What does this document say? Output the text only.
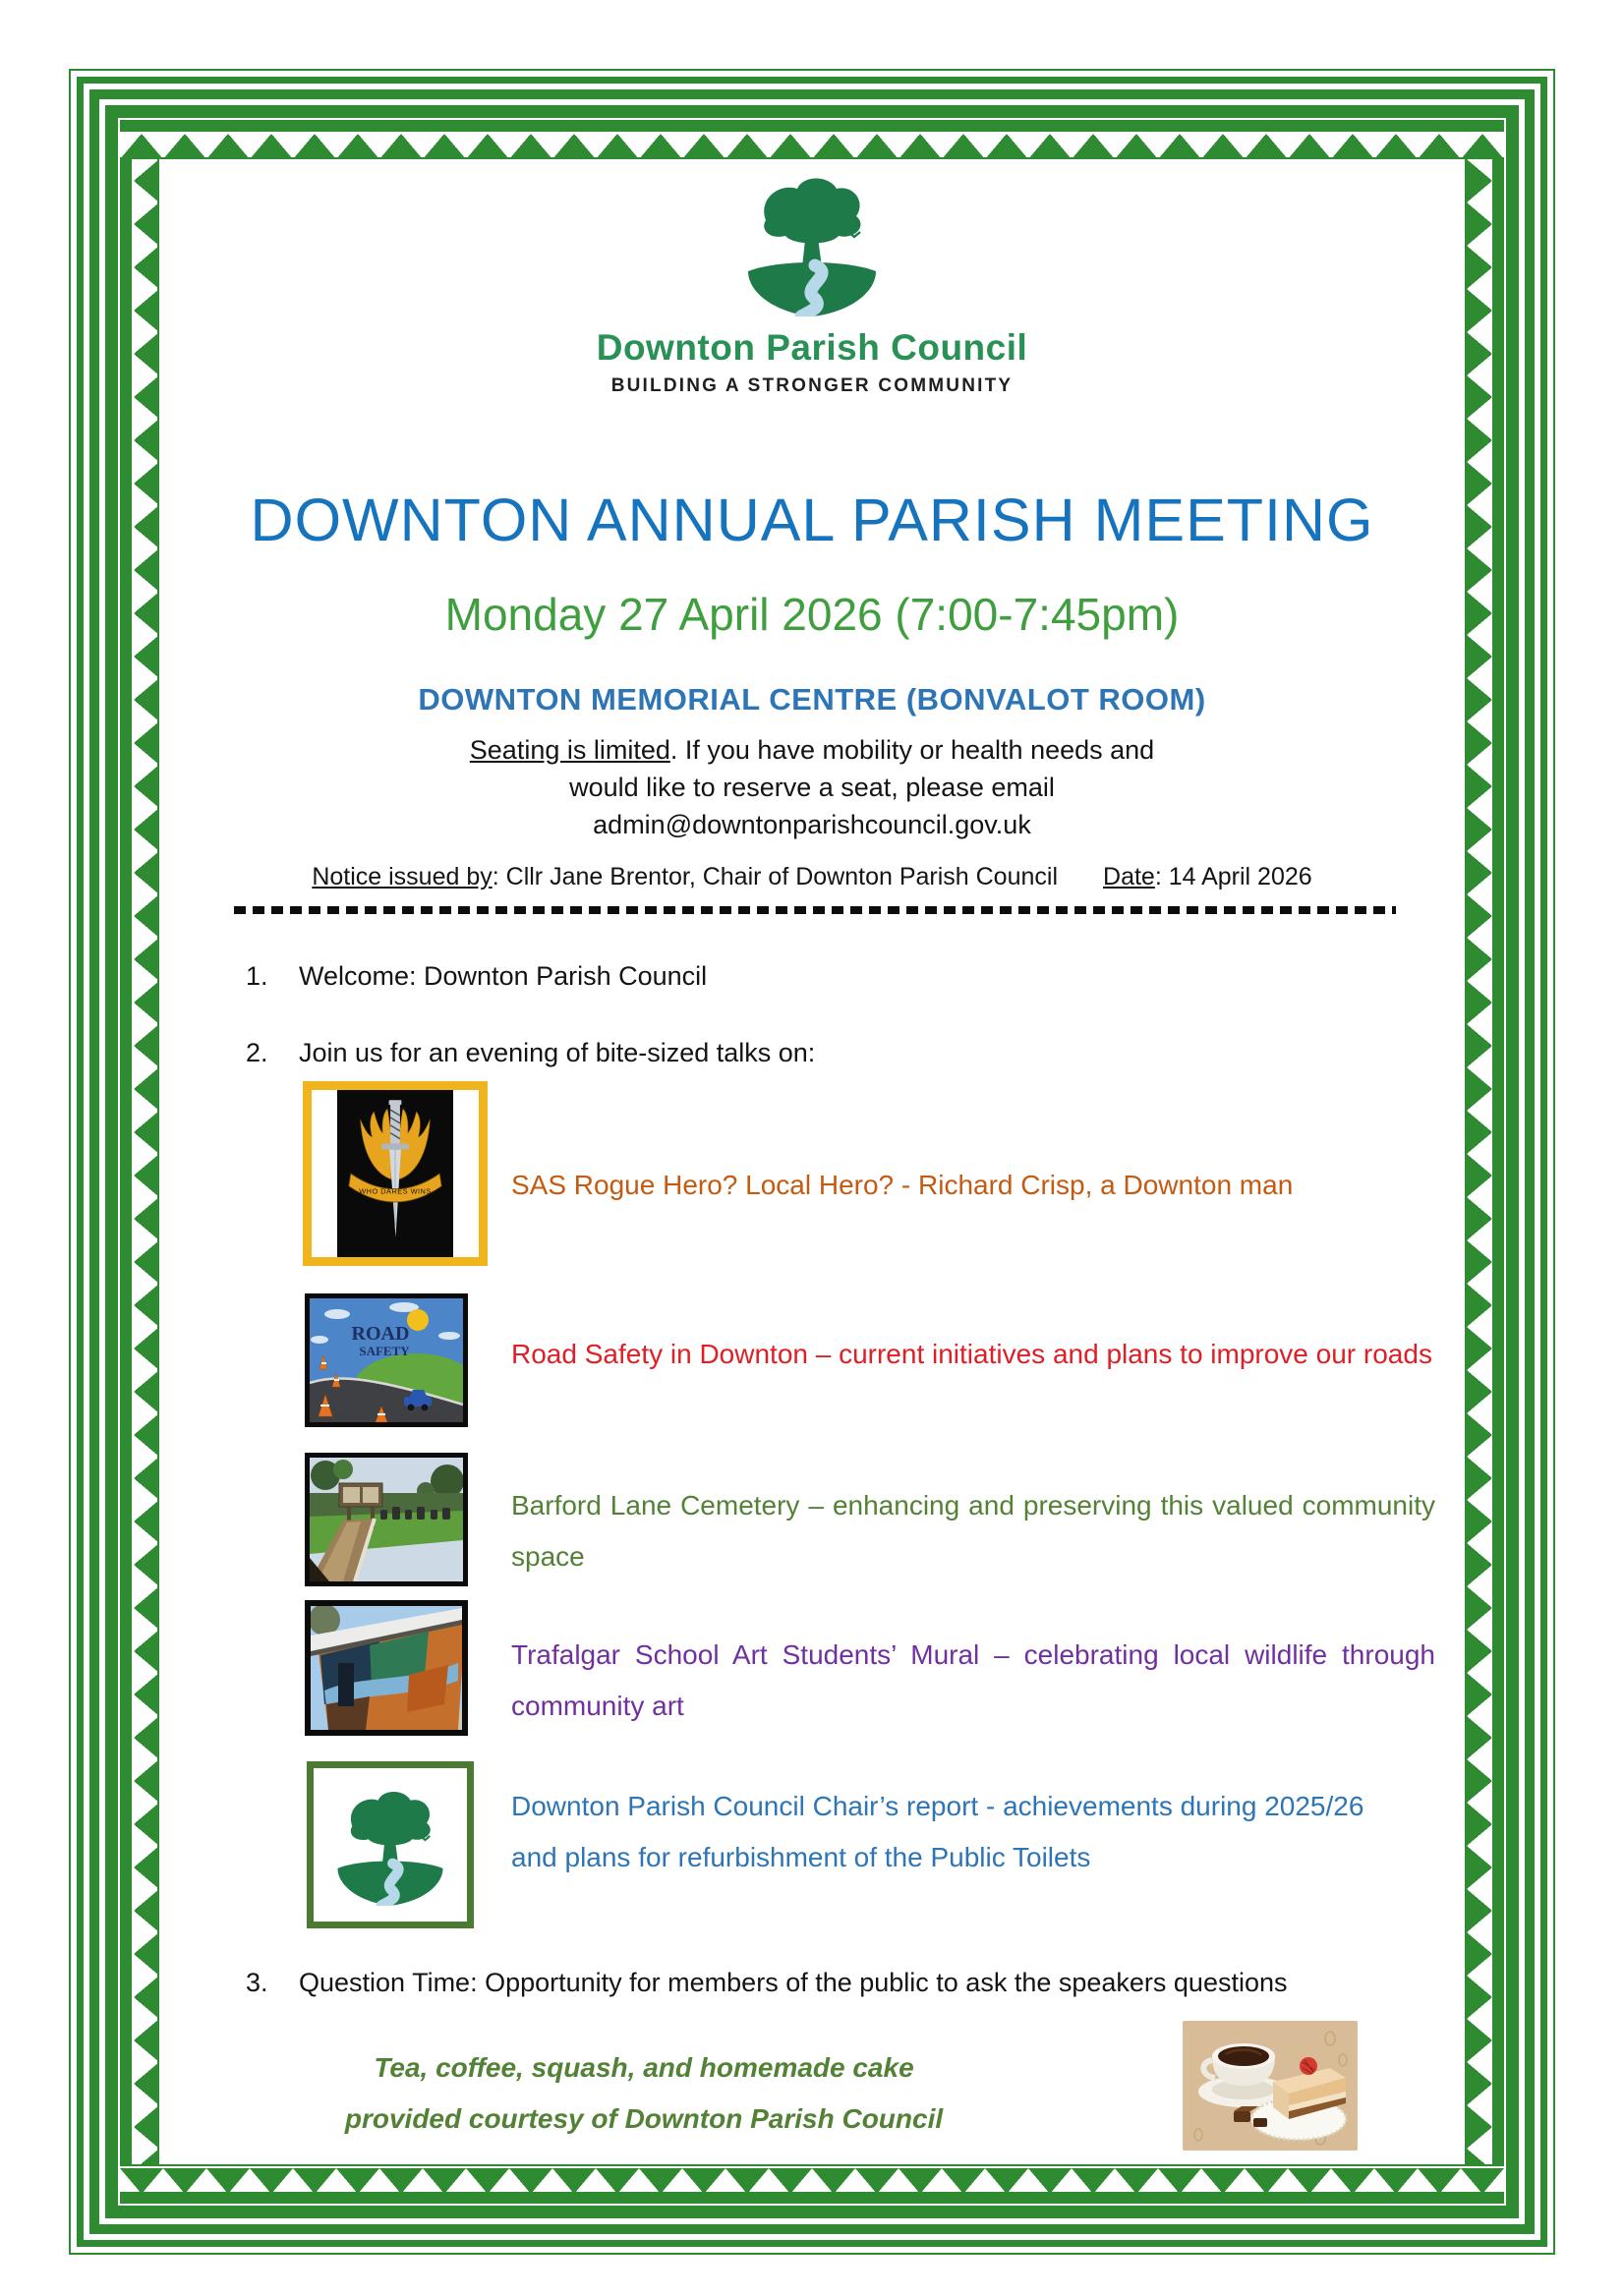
Downton Parish Council
BUILDING A STRONGER COMMUNITY
DOWNTON ANNUAL PARISH MEETING
Monday 27 April 2026 (7:00-7:45pm)
DOWNTON MEMORIAL CENTRE (BONVALOT ROOM)
Seating is limited. If you have mobility or health needs and
would like to reserve a seat, please email
admin@downtonparishcouncil.gov.uk
Notice issued by: Cllr Jane Brentor, Chair of Downton Parish Council Date: 14 April 2026
1. Welcome: Downton Parish Council
2. Join us for an evening of bite-sized talks on:
WHO DARES WINS	SAS Rogue Hero? Local Hero? - Richard Crisp, a Downton man
ROAD
SAFETY	Road Safety in Downton – current initiatives and plans to improve our roads
Barford Lane Cemetery – enhancing and preserving this valued community space
Trafalgar School Art Students’ Mural – celebrating local wildlife through community art
Downton Parish Council Chair’s report - achievements during 2025/26 and plans for refurbishment of the Public Toilets
3. Question Time: Opportunity for members of the public to ask the speakers questions
Tea, coffee, squash, and homemade cake
provided courtesy of Downton Parish Council
